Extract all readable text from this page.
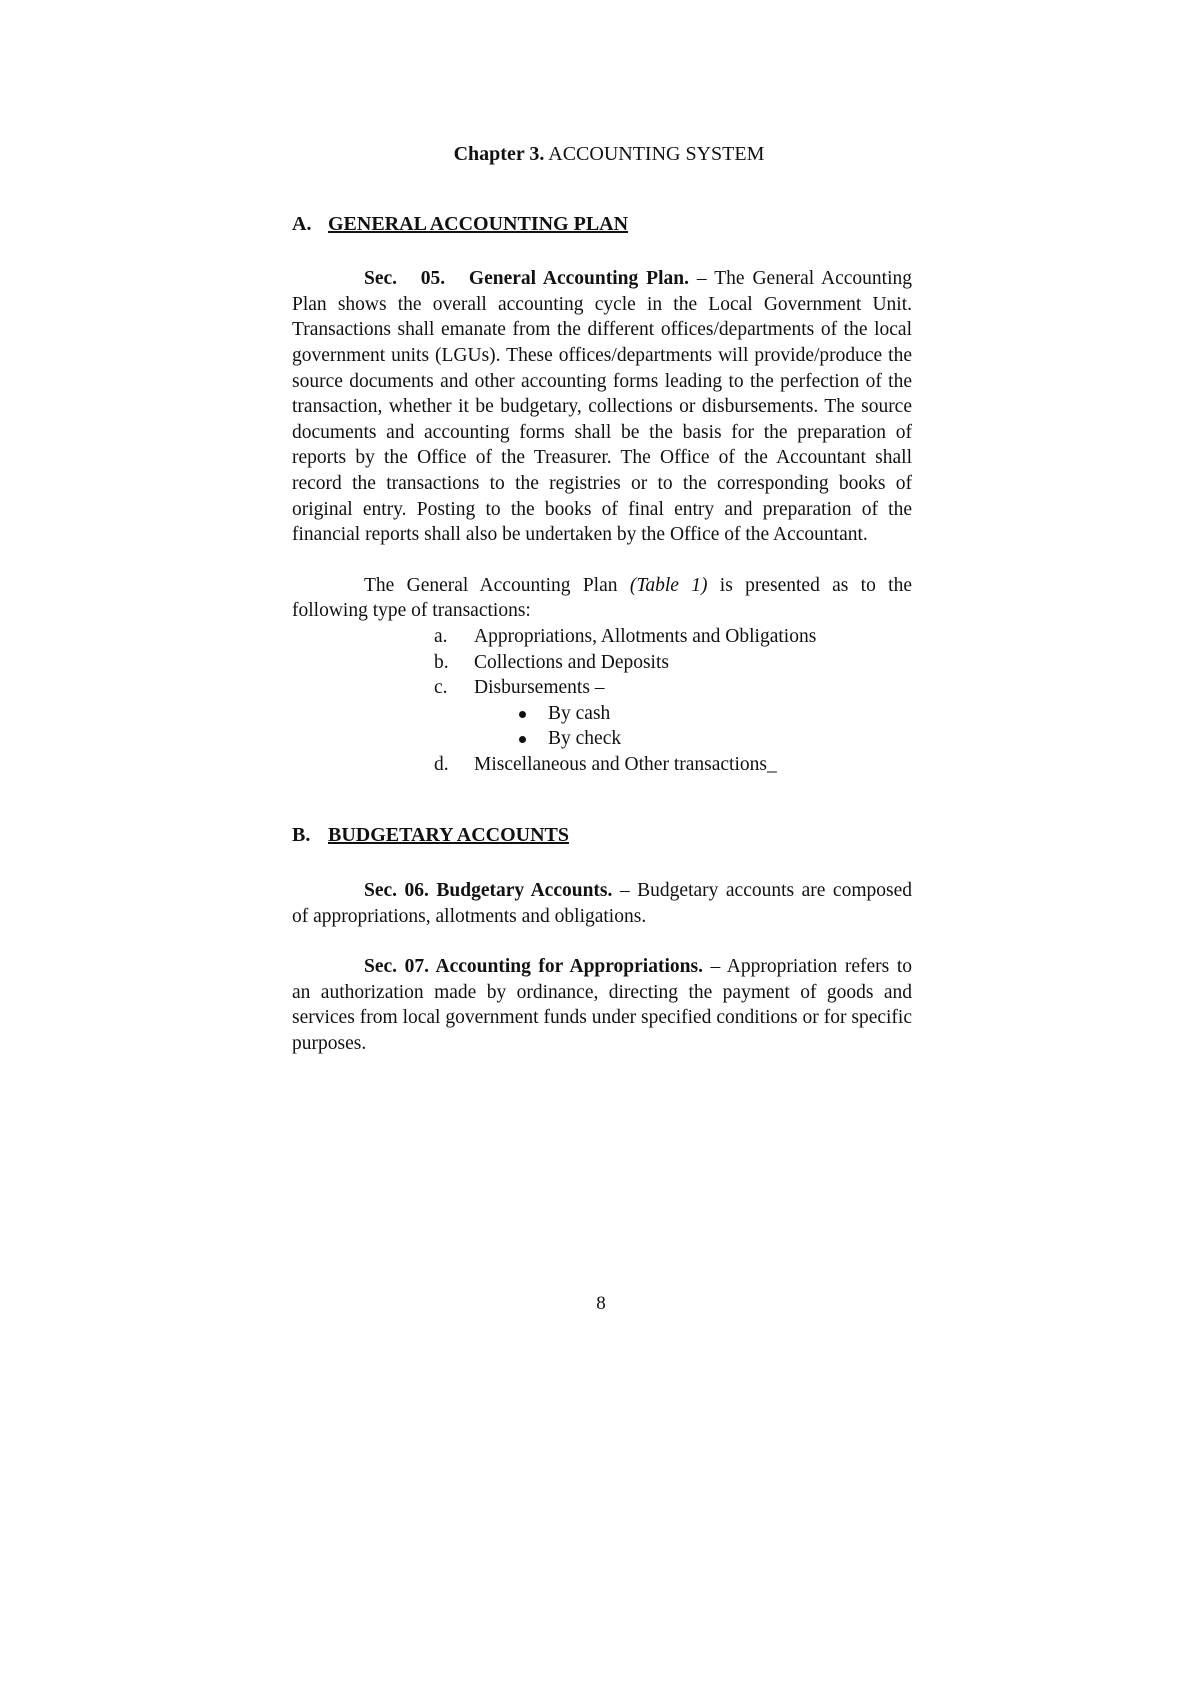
Chapter 3. ACCOUNTING SYSTEM

A. GENERAL ACCOUNTING PLAN

Sec.   05.   General Accounting Plan. – The General Accounting Plan shows the overall accounting cycle in the Local Government Unit. Transactions shall emanate from the different offices/departments of the local government units (LGUs). These offices/departments will provide/produce the source documents and other accounting forms leading to the perfection of the transaction, whether it be budgetary, collections or disbursements. The source documents and accounting forms shall be the basis for the preparation of reports by the Office of the Treasurer. The Office of the Accountant shall record the transactions to the registries or to the corresponding books of original entry. Posting to the books of final entry and preparation of the financial reports shall also be undertaken by the Office of the Accountant.

The General Accounting Plan (Table 1) is presented as to the following type of transactions:

a. Appropriations, Allotments and Obligations
b. Collections and Deposits
c. Disbursements –
By cash
By check
d. Miscellaneous and Other transactions_
B. BUDGETARY ACCOUNTS

Sec. 06. Budgetary Accounts. – Budgetary accounts are composed of appropriations, allotments and obligations.

Sec. 07. Accounting for Appropriations. – Appropriation refers to an authorization made by ordinance, directing the payment of goods and services from local government funds under specified conditions or for specific purposes.

8
